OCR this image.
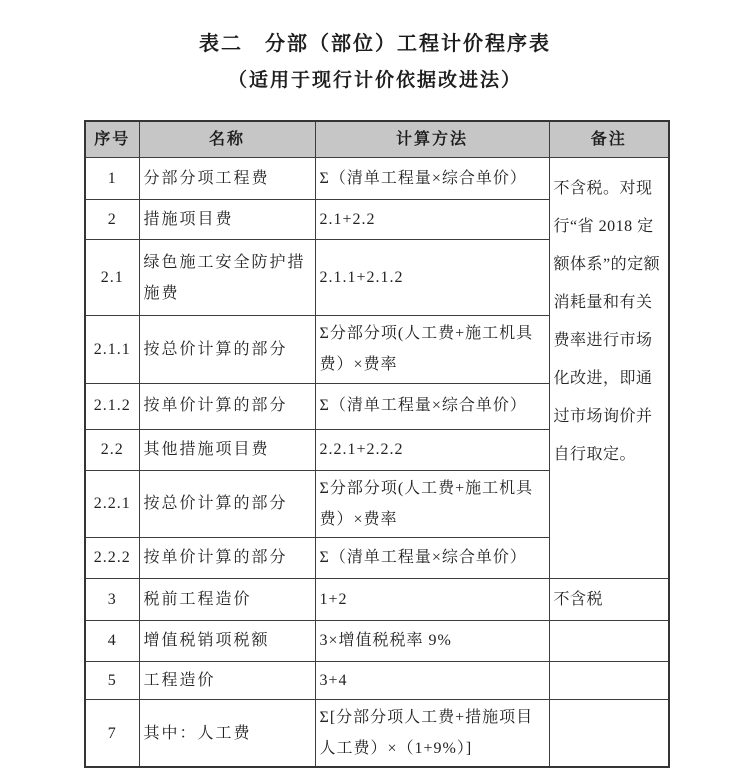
表二　分部（部位）工程计价程序表
（适用于现行计价依据改进法）
序号	名称	计算方法	备注
1	分部分项工程费	Σ（清单工程量×综合单价）	不含税。对现行“省 2018 定额体系”的定额消耗量和有关费率进行市场化改进，即通过市场询价并自行取定。
2	措施项目费	2.1+2.2	
2.1	绿色施工安全防护措施费	2.1.1+2.1.2	
2.1.1	按总价计算的部分	Σ分部分项(人工费+施工机具费）×费率	
2.1.2	按单价计算的部分	Σ（清单工程量×综合单价）	
2.2	其他措施项目费	2.2.1+2.2.2	
2.2.1	按总价计算的部分	Σ分部分项(人工费+施工机具费）×费率	
2.2.2	按单价计算的部分	Σ（清单工程量×综合单价）	
3	税前工程造价	1+2	不含税
4	增值税销项税额	3×增值税税率 9%	
5	工程造价	3+4	
7	其中：人工费	Σ[分部分项人工费+措施项目人工费）×（1+9%）]	
